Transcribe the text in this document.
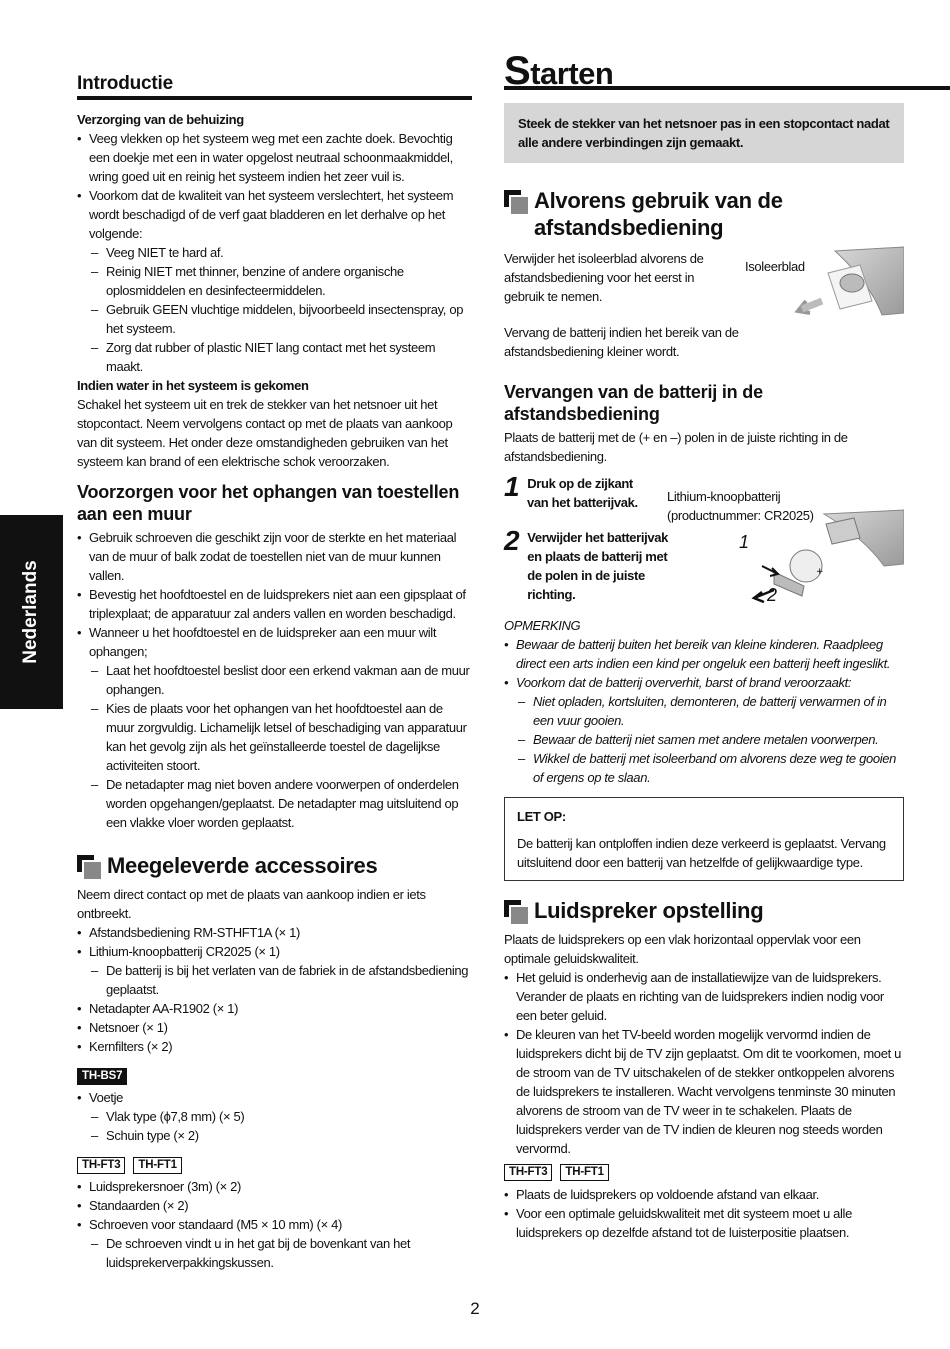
Nederlands
Introductie
Verzorging van de behuizing
• Veeg vlekken op het systeem weg met een zachte doek. Bevochtig een doekje met een in water opgelost neutraal schoonmaakmiddel, wring goed uit en reinig het systeem indien het zeer vuil is.
• Voorkom dat de kwaliteit van het systeem verslechtert, het systeem wordt beschadigd of de verf gaat bladderen en let derhalve op het volgende:
– Veeg NIET te hard af.
– Reinig NIET met thinner, benzine of andere organische oplosmiddelen en desinfecteermiddelen.
– Gebruik GEEN vluchtige middelen, bijvoorbeeld insectenspray, op het systeem.
– Zorg dat rubber of plastic NIET lang contact met het systeem maakt.
Indien water in het systeem is gekomen

Schakel het systeem uit en trek de stekker van het netsnoer uit het stopcontact. Neem vervolgens contact op met de plaats van aankoop van dit systeem. Het onder deze omstandigheden gebruiken van het systeem kan brand of een elektrische schok veroorzaken.

Voorzorgen voor het ophangen van toestellen aan een muur
• Gebruik schroeven die geschikt zijn voor de sterkte en het materiaal van de muur of balk zodat de toestellen niet van de muur kunnen vallen.
• Bevestig het hoofdtoestel en de luidsprekers niet aan een gipsplaat of triplexplaat; de apparatuur zal anders vallen en worden beschadigd.
• Wanneer u het hoofdtoestel en de luidspreker aan een muur wilt ophangen;
– Laat het hoofdtoestel beslist door een erkend vakman aan de muur ophangen.
– Kies de plaats voor het ophangen van het hoofdtoestel aan de muur zorgvuldig. Lichamelijk letsel of beschadiging van apparatuur kan het gevolg zijn als het geïnstalleerde toestel de dagelijkse activiteiten stoort.
– De netadapter mag niet boven andere voorwerpen of onderdelen worden opgehangen/geplaatst. De netadapter mag uitsluitend op een vlakke vloer worden geplaatst.
Meegeleverde accessoires

Neem direct contact op met de plaats van aankoop indien er iets ontbreekt.

• Afstandsbediening RM-STHFT1A (× 1)
• Lithium-knoopbatterij CR2025 (× 1)
– De batterij is bij het verlaten van de fabriek in de afstandsbediening geplaatst.
• Netadapter AA-R1902 (× 1)
• Netsnoer (× 1)
• Kernfilters (× 2)
TH-BS7
• Voetje
– Vlak type (ϕ7,8 mm) (× 5)
– Schuin type (× 2)
TH-FT3 TH-FT1
• Luidsprekersnoer (3m) (× 2)
• Standaarden (× 2)
• Schroeven voor standaard (M5 × 10 mm) (× 4)
– De schroeven vindt u in het gat bij de bovenkant van het luidsprekerverpakkingskussen.
Starten
Steek de stekker van het netsnoer pas in een stopcontact nadat alle andere verbindingen zijn gemaakt.
Alvorens gebruik van de afstandsbediening

Verwijder het isoleerblad alvorens de afstandsbediening voor het eerst in gebruik te nemen.

Isoleerblad

Vervang de batterij indien het bereik van de afstandsbediening kleiner wordt.

Vervangen van de batterij in de afstandsbediening

Plaats de batterij met de (+ en –) polen in de juiste richting in de afstandsbediening.

1 Druk op de zijkant
van het batterijvak.
2 Verwijder het batterijvak en plaats de batterij met de polen in de juiste richting.
Lithium-knoopbatterij (productnummer: CR2025)
+
1
2
OPMERKING
• Bewaar de batterij buiten het bereik van kleine kinderen. Raadpleeg direct een arts indien een kind per ongeluk een batterij heeft ingeslikt.
• Voorkom dat de batterij oververhit, barst of brand veroorzaakt:
– Niet opladen, kortsluiten, demonteren, de batterij verwarmen of in een vuur gooien.
– Bewaar de batterij niet samen met andere metalen voorwerpen.
– Wikkel de batterij met isoleerband om alvorens deze weg te gooien of ergens op te slaan.
LET OP:

De batterij kan ontploffen indien deze verkeerd is geplaatst. Vervang uitsluitend door een batterij van hetzelfde of gelijkwaardige type.

Luidspreker opstelling

Plaats de luidsprekers op een vlak horizontaal oppervlak voor een optimale geluidskwaliteit.

• Het geluid is onderhevig aan de installatiewijze van de luidsprekers. Verander de plaats en richting van de luidsprekers indien nodig voor een beter geluid.
• De kleuren van het TV-beeld worden mogelijk vervormd indien de luidsprekers dicht bij de TV zijn geplaatst. Om dit te voorkomen, moet u de stroom van de TV uitschakelen of de stekker ontkoppelen alvorens de luidsprekers te installeren. Wacht vervolgens tenminste 30 minuten alvorens de stroom van de TV weer in te schakelen. Plaats de luidsprekers verder van de TV indien de kleuren nog steeds worden vervormd.
TH-FT3 TH-FT1
• Plaats de luidsprekers op voldoende afstand van elkaar.
• Voor een optimale geluidskwaliteit met dit systeem moet u alle luidsprekers op dezelfde afstand tot de luisterpositie plaatsen.
2
